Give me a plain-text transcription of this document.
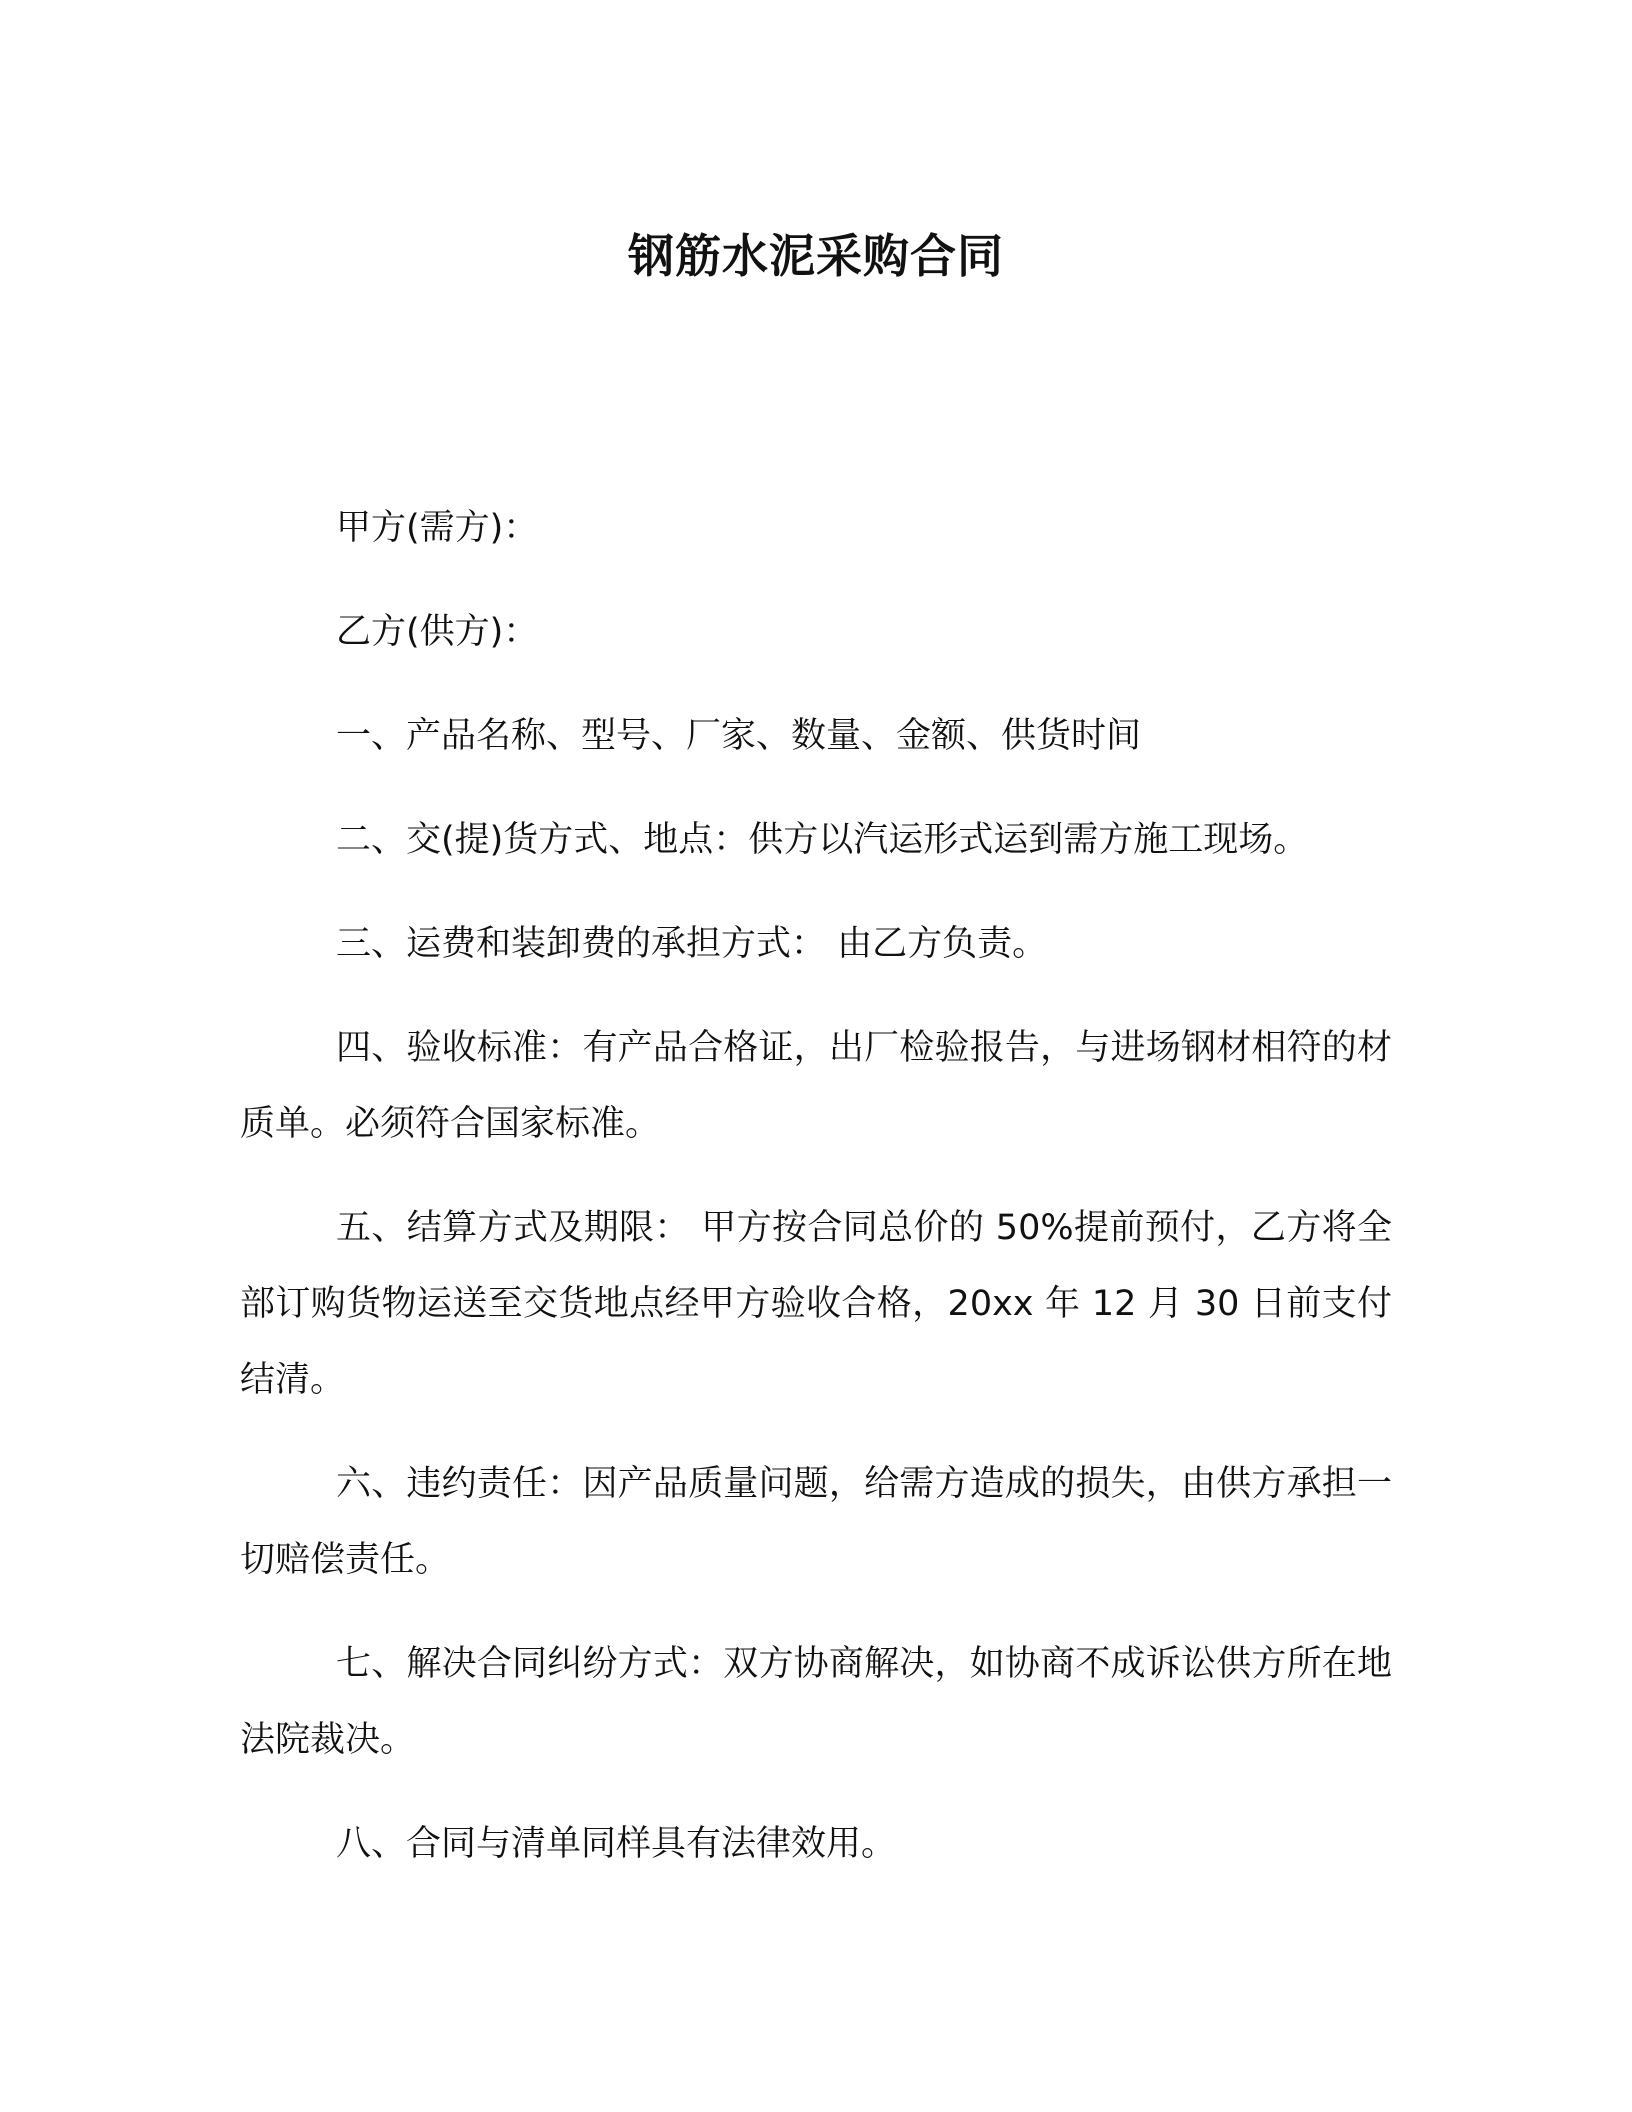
钢筋水泥采购合同

甲方(需方)：

乙方(供方)：

一、产品名称、型号、厂家、数量、金额、供货时间

二、交(提)货方式、地点：供方以汽运形式运到需方施工现场。

三、运费和装卸费的承担方式： 由乙方负责。

四、验收标准：有产品合格证，出厂检验报告，与进场钢材相符的材质单。必须符合国家标准。

五、结算方式及期限： 甲方按合同总价的 50%提前预付，乙方将全部订购货物运送至交货地点经甲方验收合格，20xx 年 12 月 30 日前支付结清。

六、违约责任：因产品质量问题，给需方造成的损失，由供方承担一切赔偿责任。

七、解决合同纠纷方式：双方协商解决，如协商不成诉讼供方所在地法院裁决。

八、合同与清单同样具有法律效用。
